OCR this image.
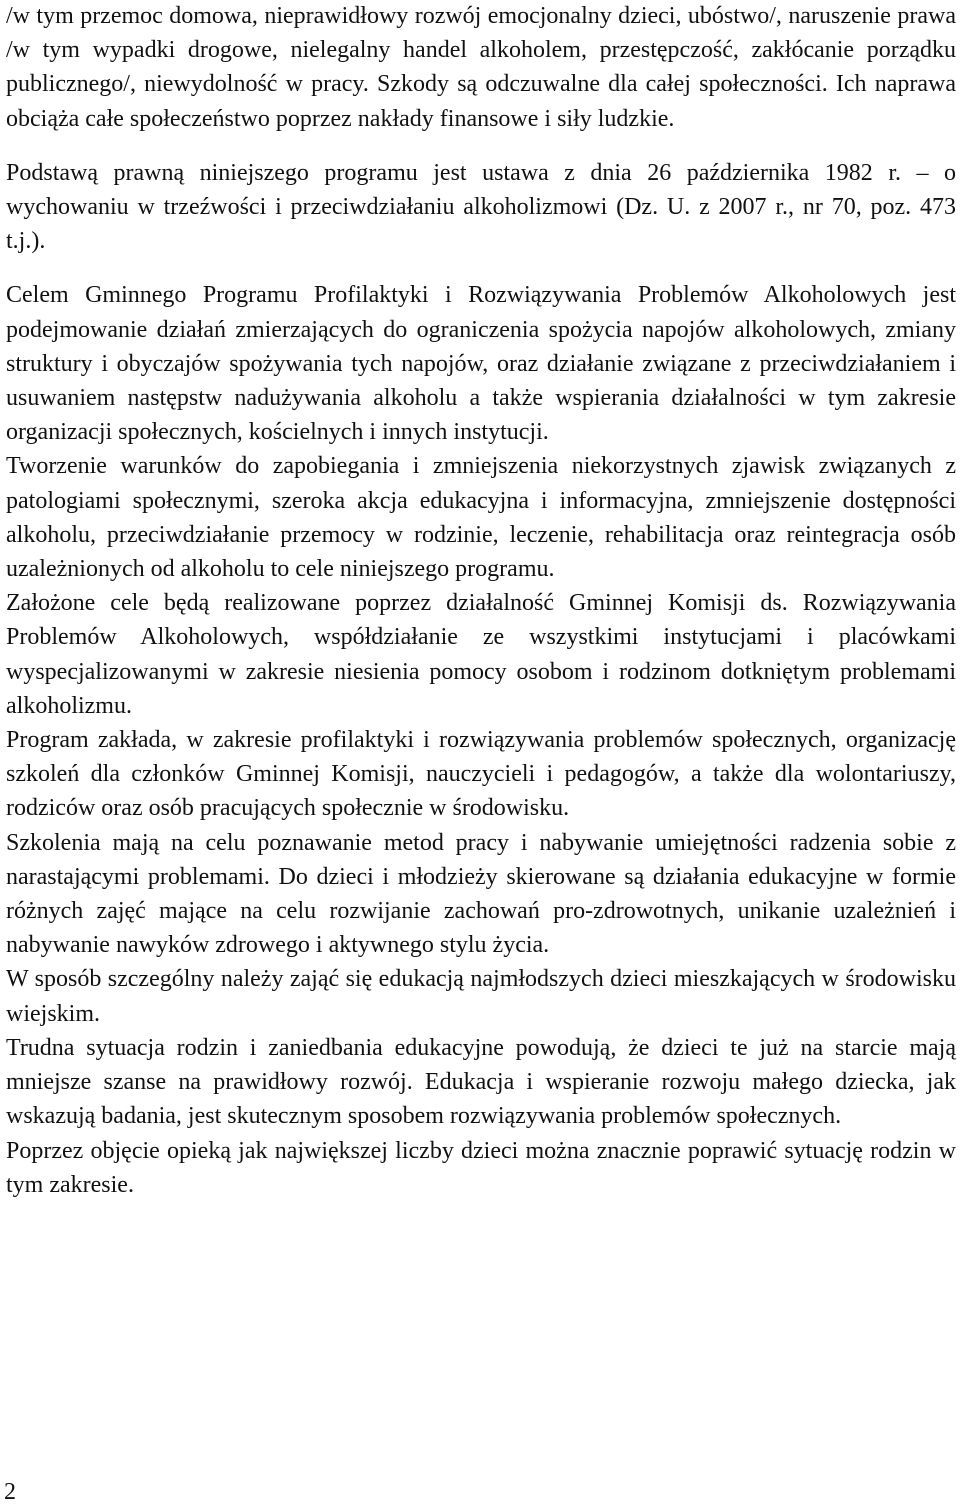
/w tym przemoc domowa, nieprawidłowy rozwój emocjonalny dzieci, ubóstwo/, naruszenie prawa /w tym wypadki drogowe, nielegalny handel alkoholem, przestępczość, zakłócanie porządku publicznego/, niewydolność w pracy. Szkody są odczuwalne dla całej społeczności. Ich naprawa obciąża całe społeczeństwo poprzez nakłady finansowe i siły ludzkie.

Podstawą prawną niniejszego programu jest ustawa z dnia 26 października 1982 r. – o wychowaniu w trzeźwości i przeciwdziałaniu alkoholizmowi (Dz. U. z 2007 r., nr 70, poz. 473 t.j.).

Celem Gminnego Programu Profilaktyki i Rozwiązywania Problemów Alkoholowych jest podejmowanie działań zmierzających do ograniczenia spożycia napojów alkoholowych, zmiany struktury i obyczajów spożywania tych napojów, oraz działanie związane z przeciwdziałaniem i usuwaniem następstw nadużywania alkoholu a także wspierania działalności w tym zakresie organizacji społecznych, kościelnych i innych instytucji.

Tworzenie warunków do zapobiegania i zmniejszenia niekorzystnych zjawisk związanych z patologiami społecznymi, szeroka akcja edukacyjna i informacyjna, zmniejszenie dostępności alkoholu, przeciwdziałanie przemocy w rodzinie, leczenie, rehabilitacja oraz reintegracja osób uzależnionych od alkoholu to cele niniejszego programu.

Założone cele będą realizowane poprzez działalność Gminnej Komisji ds. Rozwiązywania Problemów Alkoholowych, współdziałanie ze wszystkimi instytucjami i placówkami wyspecjalizowanymi w zakresie niesienia pomocy osobom i rodzinom dotkniętym problemami alkoholizmu.

Program zakłada, w zakresie profilaktyki i rozwiązywania problemów społecznych, organizację szkoleń dla członków Gminnej Komisji, nauczycieli i pedagogów, a także dla wolontariuszy, rodziców oraz osób pracujących społecznie w środowisku.

Szkolenia mają na celu poznawanie metod pracy i nabywanie umiejętności radzenia sobie z narastającymi problemami. Do dzieci i młodzieży skierowane są działania edukacyjne w formie różnych zajęć mające na celu rozwijanie zachowań pro-zdrowotnych, unikanie uzależnień i nabywanie nawyków zdrowego i aktywnego stylu życia.

W sposób szczególny należy zająć się edukacją najmłodszych dzieci mieszkających w środowisku wiejskim.

Trudna sytuacja rodzin i zaniedbania edukacyjne powodują, że dzieci te już na starcie mają mniejsze szanse na prawidłowy rozwój. Edukacja i wspieranie rozwoju małego dziecka, jak wskazują badania, jest skutecznym sposobem rozwiązywania problemów społecznych.

Poprzez objęcie opieką jak największej liczby dzieci można znacznie poprawić sytuację rodzin w tym zakresie.

2
